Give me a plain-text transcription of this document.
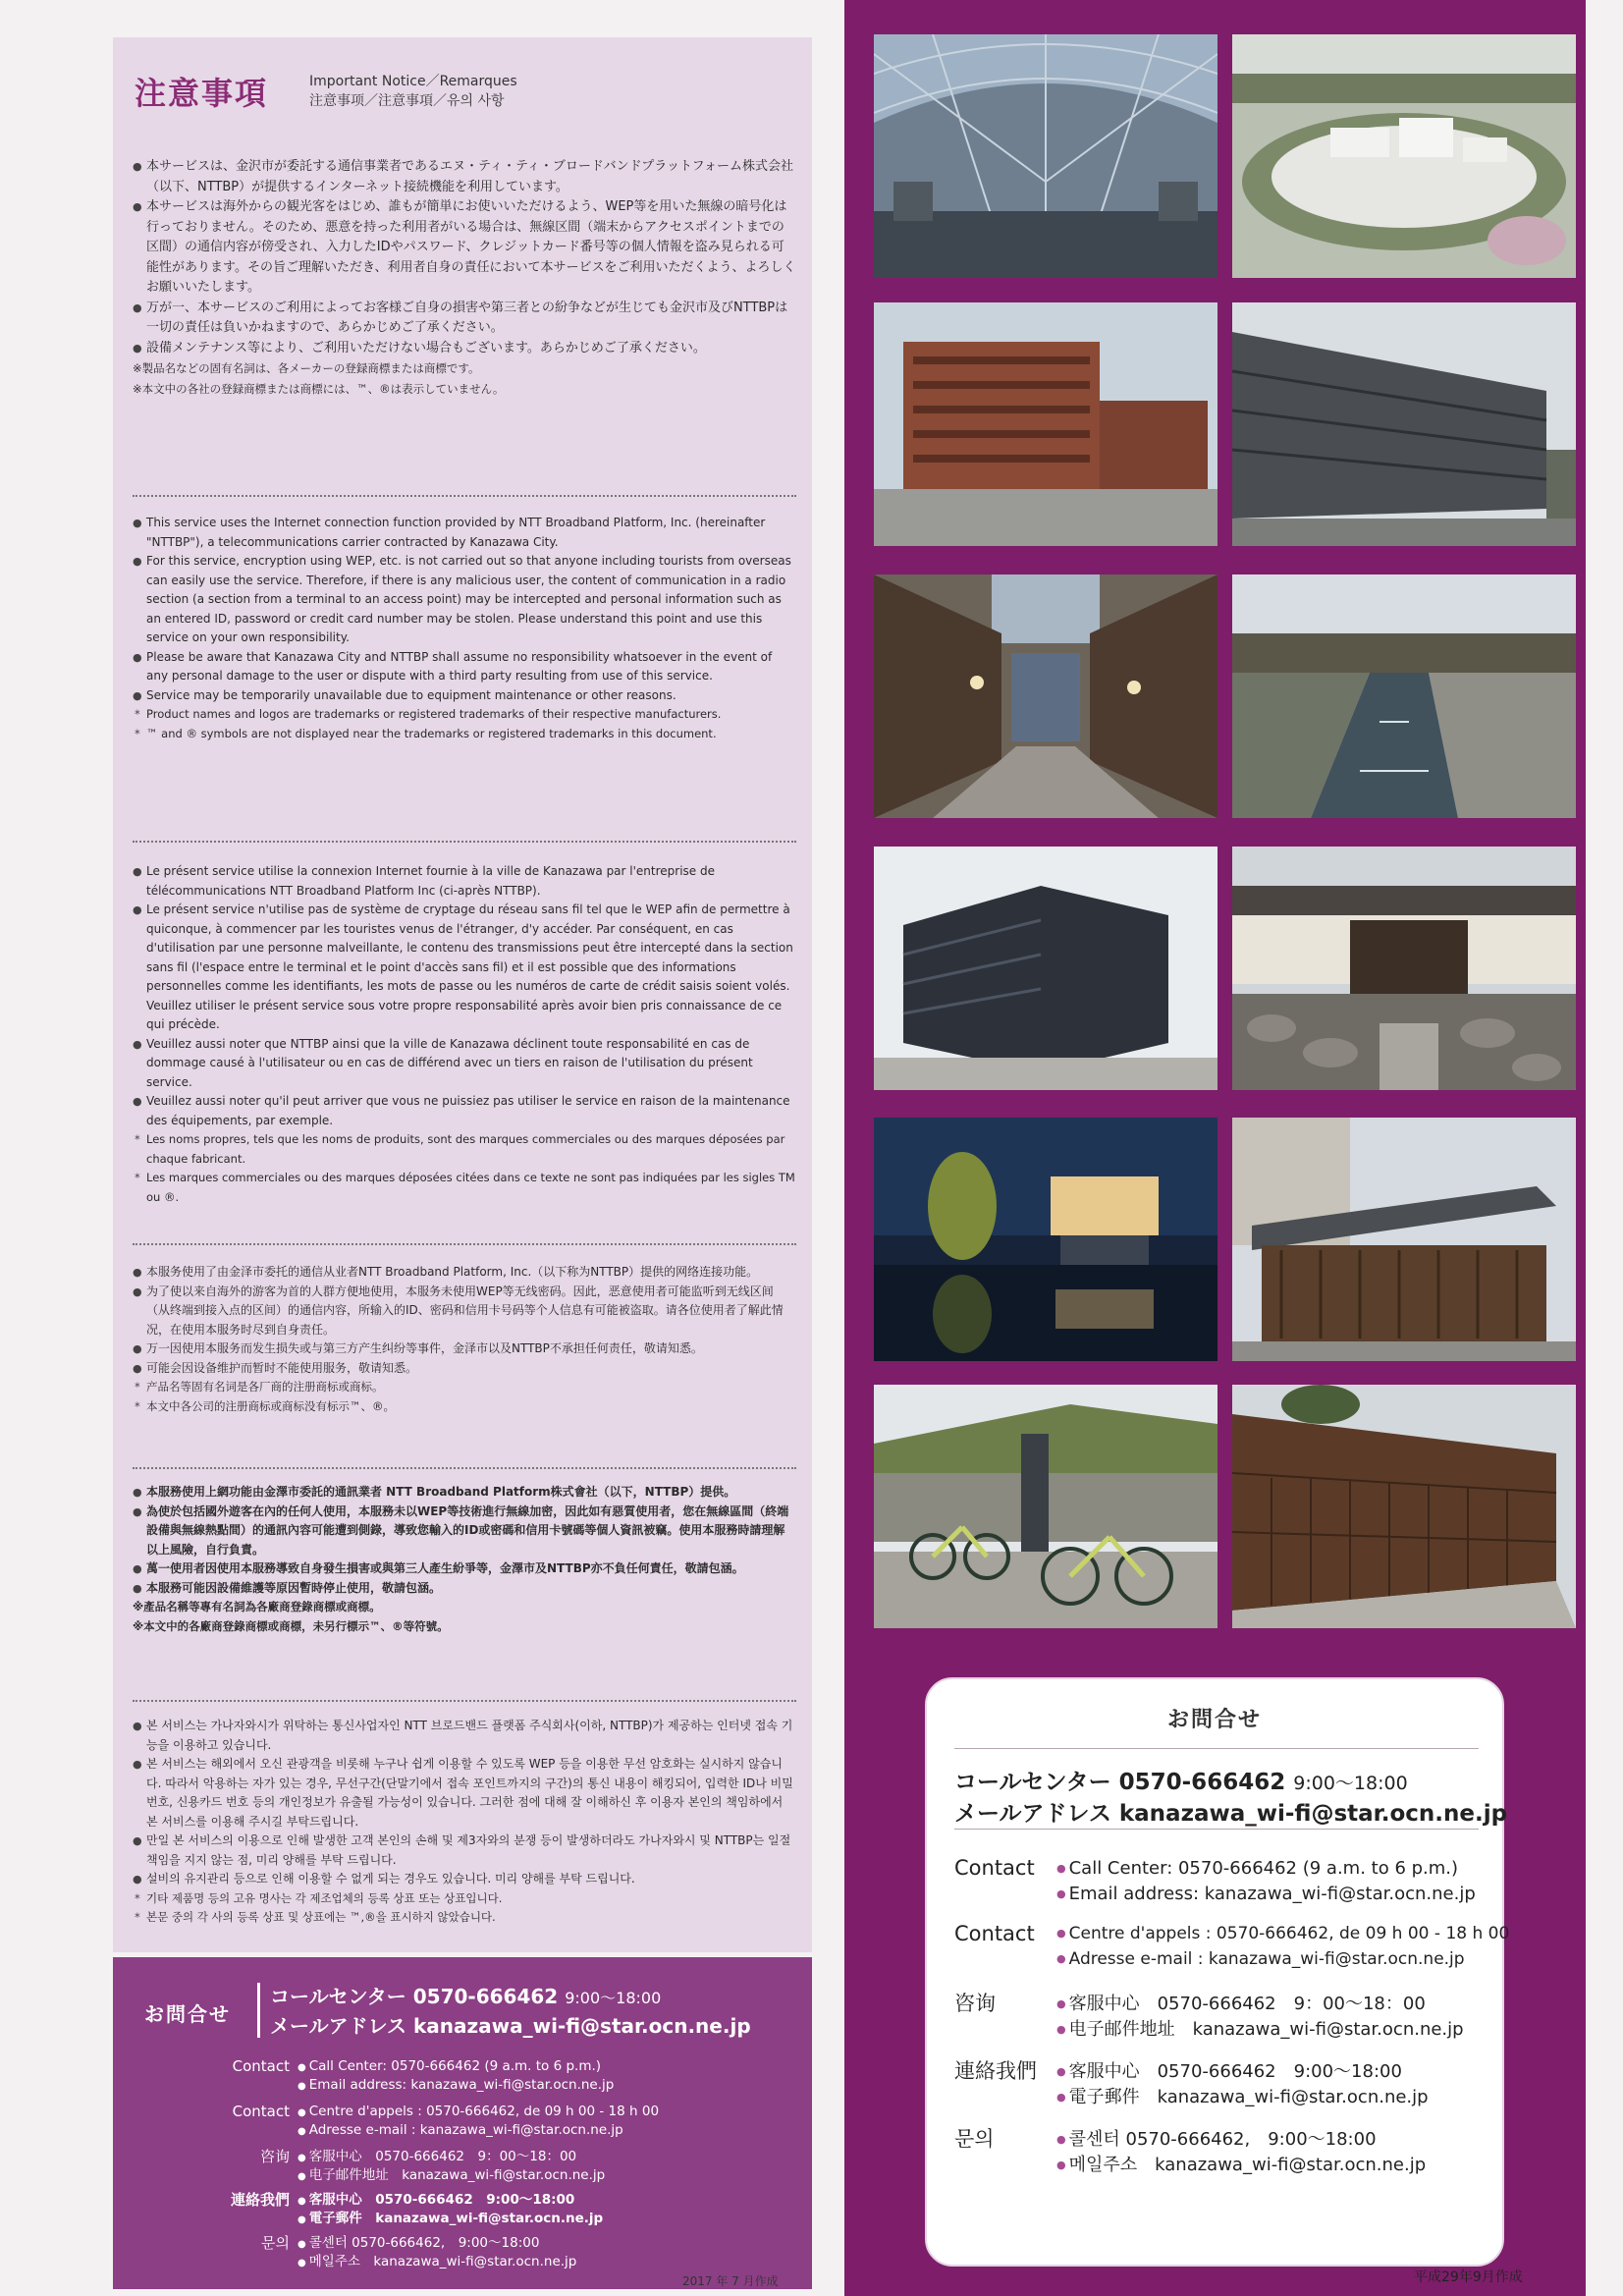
注意事項	Important Notice／Remarques
注意事项／注意事項／유의 사항

● 本サービスは、金沢市が委託する通信事業者であるエヌ・ティ・ティ・ブロードバンドプラットフォーム株式会社（以下、NTTBP）が提供するインターネット接続機能を利用しています。

● 本サービスは海外からの観光客をはじめ、誰もが簡単にお使いいただけるよう、WEP等を用いた無線の暗号化は行っておりません。そのため、悪意を持った利用者がいる場合は、無線区間（端末からアクセスポイントまでの区間）の通信内容が傍受され、入力したIDやパスワード、クレジットカード番号等の個人情報を盗み見られる可能性があります。その旨ご理解いただき、利用者自身の責任において本サービスをご利用いただくよう、よろしくお願いいたします。

● 万が一、本サービスのご利用によってお客様ご自身の損害や第三者との紛争などが生じても金沢市及びNTTBPは一切の責任は負いかねますので、あらかじめご了承ください。

● 設備メンテナンス等により、ご利用いただけない場合もございます。あらかじめご了承ください。

※製品名などの固有名詞は、各メーカーの登録商標または商標です。

※本文中の各社の登録商標または商標には、™、®は表示していません。

● This service uses the Internet connection function provided by NTT Broadband Platform, Inc. (hereinafter "NTTBP"), a telecommunications carrier contracted by Kanazawa City.

● For this service, encryption using WEP, etc. is not carried out so that anyone including tourists from overseas can easily use the service. Therefore, if there is any malicious user, the content of communication in a radio section (a section from a terminal to an access point) may be intercepted and personal information such as an entered ID, password or credit card number may be stolen. Please understand this point and use this service on your own responsibility.

● Please be aware that Kanazawa City and NTTBP shall assume no responsibility whatsoever in the event of any personal damage to the user or dispute with a third party resulting from use of this service.

● Service may be temporarily unavailable due to equipment maintenance or other reasons.

* Product names and logos are trademarks or registered trademarks of their respective manufacturers.

* ™ and ® symbols are not displayed near the trademarks or registered trademarks in this document.

● Le présent service utilise la connexion Internet fournie à la ville de Kanazawa par l'entreprise de télécommunications NTT Broadband Platform Inc (ci-après NTTBP).

● Le présent service n'utilise pas de système de cryptage du réseau sans fil tel que le WEP afin de permettre à quiconque, à commencer par les touristes venus de l'étranger, d'y accéder. Par conséquent, en cas d'utilisation par une personne malveillante, le contenu des transmissions peut être intercepté dans la section sans fil (l'espace entre le terminal et le point d'accès sans fil) et il est possible que des informations personnelles comme les identifiants, les mots de passe ou les numéros de carte de crédit saisis soient volés. Veuillez utiliser le présent service sous votre propre responsabilité après avoir bien pris connaissance de ce qui précède.

● Veuillez aussi noter que NTTBP ainsi que la ville de Kanazawa déclinent toute responsabilité en cas de dommage causé à l'utilisateur ou en cas de différend avec un tiers en raison de l'utilisation du présent service.

● Veuillez aussi noter qu'il peut arriver que vous ne puissiez pas utiliser le service en raison de la maintenance des équipements, par exemple.

* Les noms propres, tels que les noms de produits, sont des marques commerciales ou des marques déposées par chaque fabricant.

* Les marques commerciales ou des marques déposées citées dans ce texte ne sont pas indiquées par les sigles TM ou ®.

● 本服务使用了由金泽市委托的通信从业者NTT Broadband Platform, Inc.（以下称为NTTBP）提供的网络连接功能。

● 为了使以来自海外的游客为首的人群方便地使用，本服务未使用WEP等无线密码。因此，恶意使用者可能监听到无线区间（从终端到接入点的区间）的通信内容，所输入的ID、密码和信用卡号码等个人信息有可能被盗取。请各位使用者了解此情况，在使用本服务时尽到自身责任。

● 万一因使用本服务而发生损失或与第三方产生纠纷等事件，金泽市以及NTTBP不承担任何责任，敬请知悉。

● 可能会因设备维护而暂时不能使用服务，敬请知悉。

* 产品名等固有名词是各厂商的注册商标或商标。

* 本文中各公司的注册商标或商标没有标示™、®。

● 本服務使用上網功能由金澤市委託的通訊業者 NTT Broadband Platform株式會社（以下，NTTBP）提供。

● 為使於包括國外遊客在內的任何人使用，本服務未以WEP等技術進行無線加密，因此如有惡質使用者，您在無線區間（終端設備與無線熱點間）的通訊內容可能遭到側錄，導致您輸入的ID或密碼和信用卡號碼等個人資訊被竊。使用本服務時請理解以上風險，自行負責。

● 萬一使用者因使用本服務導致自身發生損害或與第三人產生紛爭等，金澤市及NTTBP亦不負任何責任，敬請包涵。

● 本服務可能因設備維護等原因暫時停止使用，敬請包涵。

※產品名稱等專有名詞為各廠商登錄商標或商標。

※本文中的各廠商登錄商標或商標，未另行標示™、®等符號。

● 본 서비스는 가나자와시가 위탁하는 통신사업자인 NTT 브로드밴드 플랫폼 주식회사(이하, NTTBP)가 제공하는 인터넷 접속 기능을 이용하고 있습니다.

● 본 서비스는 해외에서 오신 관광객을 비롯해 누구나 쉽게 이용할 수 있도록 WEP 등을 이용한 무선 암호화는 실시하지 않습니다. 따라서 악용하는 자가 있는 경우, 무선구간(단말기에서 접속 포인트까지의 구간)의 통신 내용이 해킹되어, 입력한 ID나 비밀번호, 신용카드 번호 등의 개인정보가 유출될 가능성이 있습니다. 그러한 점에 대해 잘 이해하신 후 이용자 본인의 책임하에서 본 서비스를 이용해 주시길 부탁드립니다.

● 만일 본 서비스의 이용으로 인해 발생한 고객 본인의 손해 및 제3자와의 분쟁 등이 발생하더라도 가나자와시 및 NTTBP는 일절 책임을 지지 않는 점, 미리 양해를 부탁 드립니다.

● 설비의 유지관리 등으로 인해 이용할 수 없게 되는 경우도 있습니다. 미리 양해를 부탁 드립니다.

* 기타 제품명 등의 고유 명사는 각 제조업체의 등록 상표 또는 상표입니다.

* 본문 중의 각 사의 등록 상표 및 상표에는 ™,®을 표시하지 않았습니다.

お問合せ
コールセンター 0570-666462 9:00～18:00
メールアドレス kanazawa_wi-fi@star.ocn.ne.jp
Contact	● Call Center: 0570-666462 (9 a.m. to 6 p.m.)
● Email address: kanazawa_wi-fi@star.ocn.ne.jp
Contact	● Centre d'appels : 0570-666462, de 09 h 00 - 18 h 00
● Adresse e-mail : kanazawa_wi-fi@star.ocn.ne.jp
咨询	● 客服中心　0570-666462　9：00～18：00
● 电子邮件地址　kanazawa_wi-fi@star.ocn.ne.jp
連絡我們	● 客服中心　0570-666462　9:00～18:00
● 電子郵件　kanazawa_wi-fi@star.ocn.ne.jp
문의	● 콜센터 0570-666462,　9:00～18:00
● 메일주소　kanazawa_wi-fi@star.ocn.ne.jp
2017 年 7 月作成
お問合せ
コールセンター 0570-666462 9:00～18:00
メールアドレス kanazawa_wi-fi@star.ocn.ne.jp
Contact	● Call Center: 0570-666462 (9 a.m. to 6 p.m.)
● Email address: kanazawa_wi-fi@star.ocn.ne.jp
Contact	● Centre d'appels : 0570-666462, de 09 h 00 - 18 h 00
● Adresse e-mail : kanazawa_wi-fi@star.ocn.ne.jp
咨询	● 客服中心　0570-666462　9：00～18：00
● 电子邮件地址　kanazawa_wi-fi@star.ocn.ne.jp
連絡我們	● 客服中心　0570-666462　9:00～18:00
● 電子郵件　kanazawa_wi-fi@star.ocn.ne.jp
문의	● 콜센터 0570-666462,　9:00～18:00
● 메일주소　kanazawa_wi-fi@star.ocn.ne.jp
平成29年9月作成
